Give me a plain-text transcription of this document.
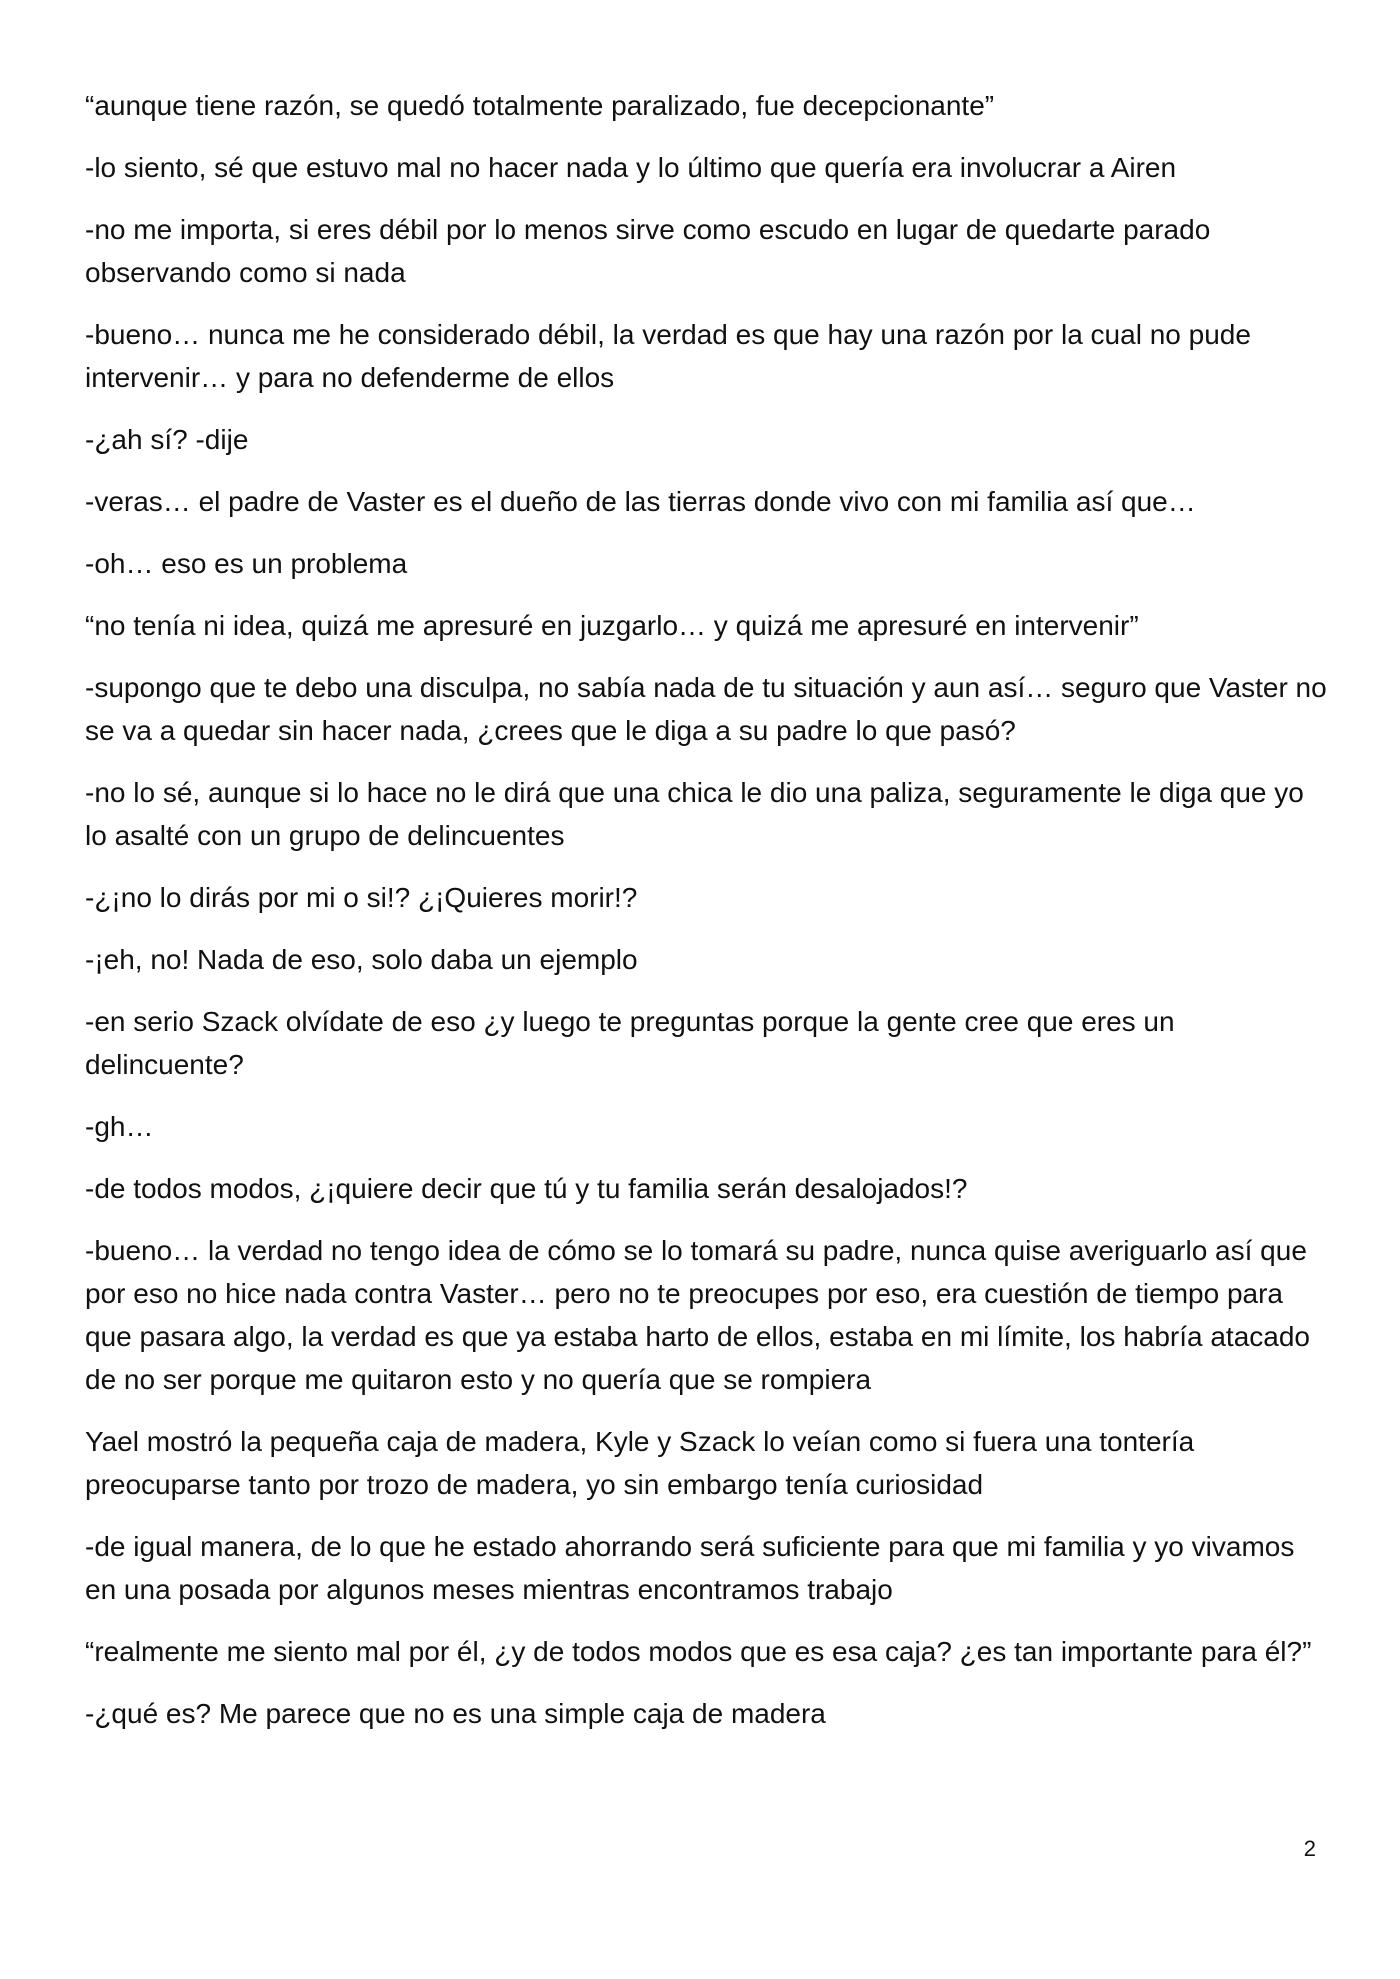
“aunque tiene razón, se quedó totalmente paralizado, fue decepcionante”

-lo siento, sé que estuvo mal no hacer nada y lo último que quería era involucrar a Airen

-no me importa, si eres débil por lo menos sirve como escudo en lugar de quedarte parado observando como si nada

-bueno… nunca me he considerado débil, la verdad es que hay una razón por la cual no pude intervenir… y para no defenderme de ellos

-¿ah sí? -dije

-veras… el padre de Vaster es el dueño de las tierras donde vivo con mi familia así que…

-oh… eso es un problema

“no tenía ni idea, quizá me apresuré en juzgarlo… y quizá me apresuré en intervenir”

-supongo que te debo una disculpa, no sabía nada de tu situación y aun así… seguro que Vaster no se va a quedar sin hacer nada, ¿crees que le diga a su padre lo que pasó?

-no lo sé, aunque si lo hace no le dirá que una chica le dio una paliza, seguramente le diga que yo lo asalté con un grupo de delincuentes

-¿¡no lo dirás por mi o si!? ¿¡Quieres morir!?

-¡eh, no! Nada de eso, solo daba un ejemplo

-en serio Szack olvídate de eso ¿y luego te preguntas porque la gente cree que eres un delincuente?

-gh…

-de todos modos, ¿¡quiere decir que tú y tu familia serán desalojados!?

-bueno… la verdad no tengo idea de cómo se lo tomará su padre, nunca quise averiguarlo así que por eso no hice nada contra Vaster… pero no te preocupes por eso, era cuestión de tiempo para que pasara algo, la verdad es que ya estaba harto de ellos, estaba en mi límite, los habría atacado de no ser porque me quitaron esto y no quería que se rompiera

Yael mostró la pequeña caja de madera, Kyle y Szack lo veían como si fuera una tontería preocuparse tanto por trozo de madera, yo sin embargo tenía curiosidad

-de igual manera, de lo que he estado ahorrando será suficiente para que mi familia y yo vivamos en una posada por algunos meses mientras encontramos trabajo

“realmente me siento mal por él, ¿y de todos modos que es esa caja? ¿es tan importante para él?”

-¿qué es? Me parece que no es una simple caja de madera

2
